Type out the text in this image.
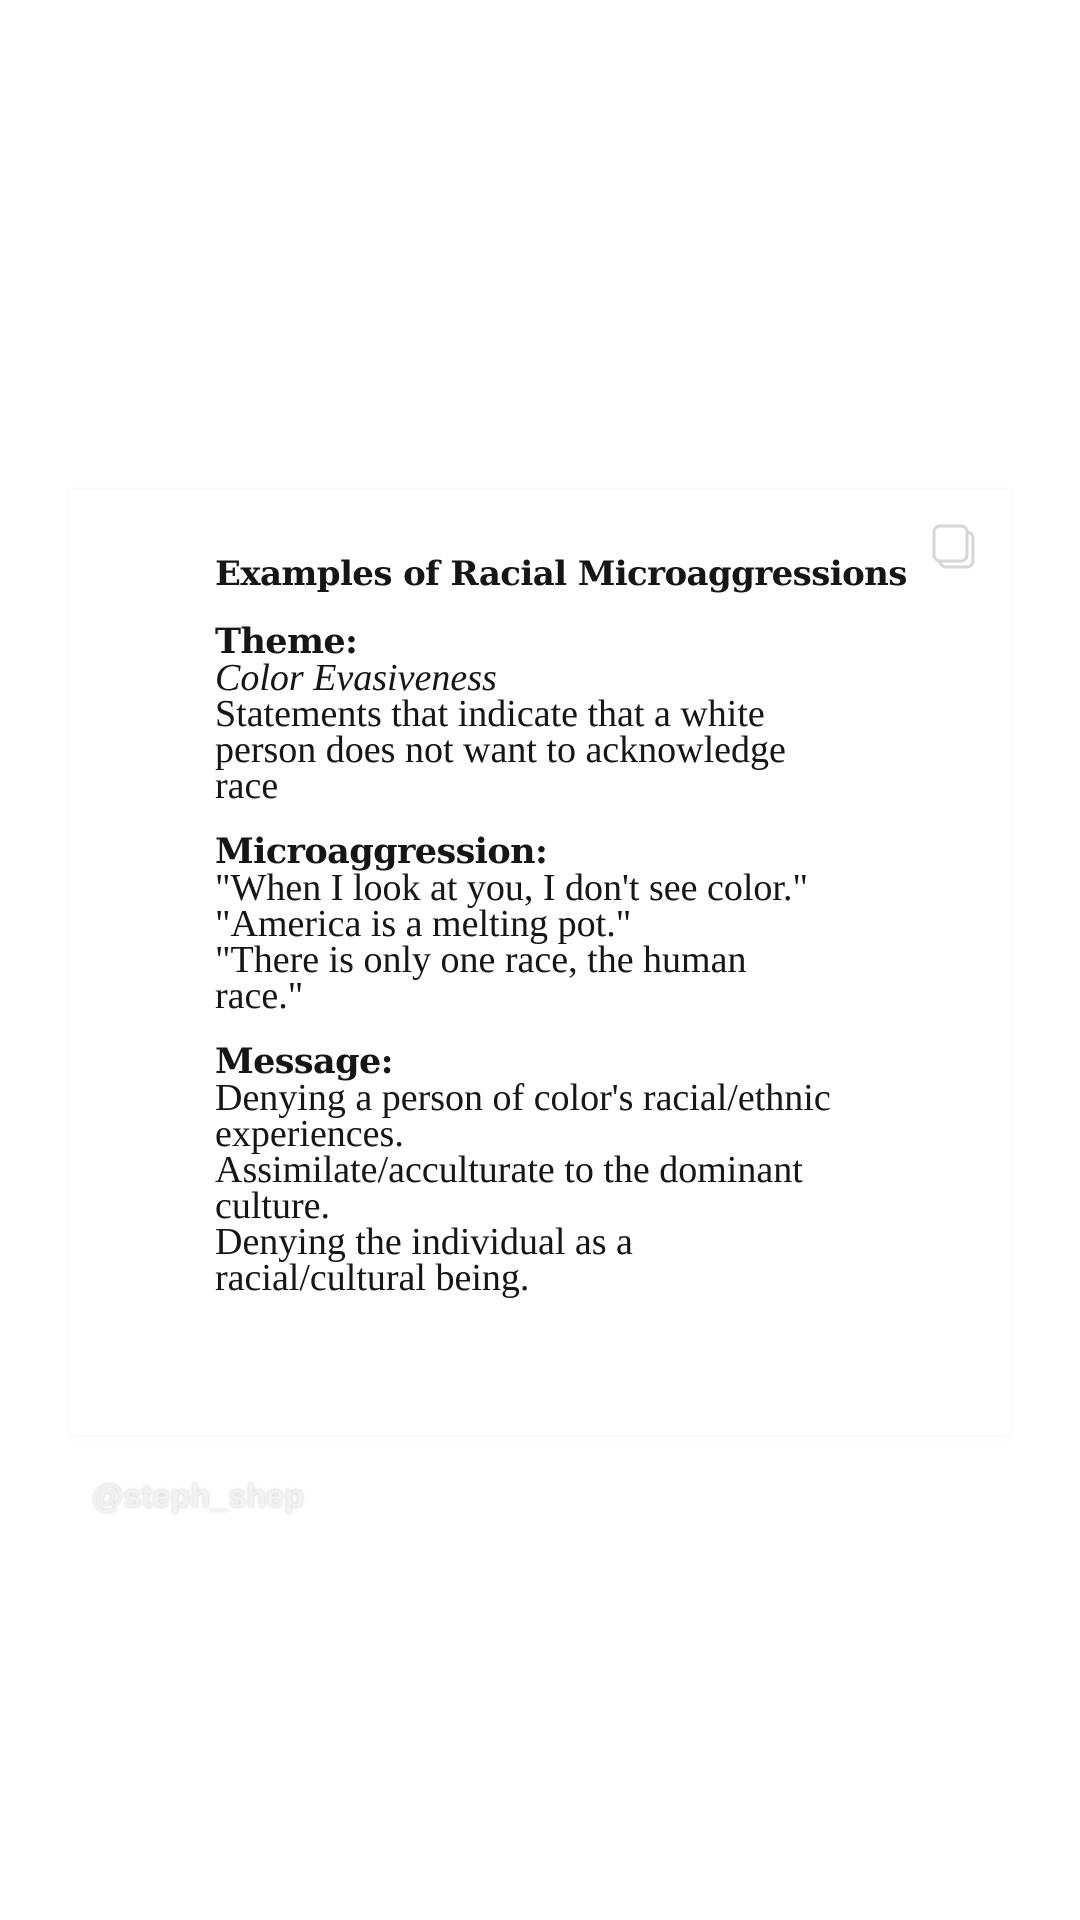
Examples of Racial Microaggressions
Theme:
Color Evasiveness
Statements that indicate that a white
person does not want to acknowledge
race
Microaggression:
"When I look at you, I don't see color."
"America is a melting pot."
"There is only one race, the human
race."
Message:
Denying a person of color's racial/ethnic
experiences.
Assimilate/acculturate to the dominant
culture.
Denying the individual as a
racial/cultural being.
@steph_shep
